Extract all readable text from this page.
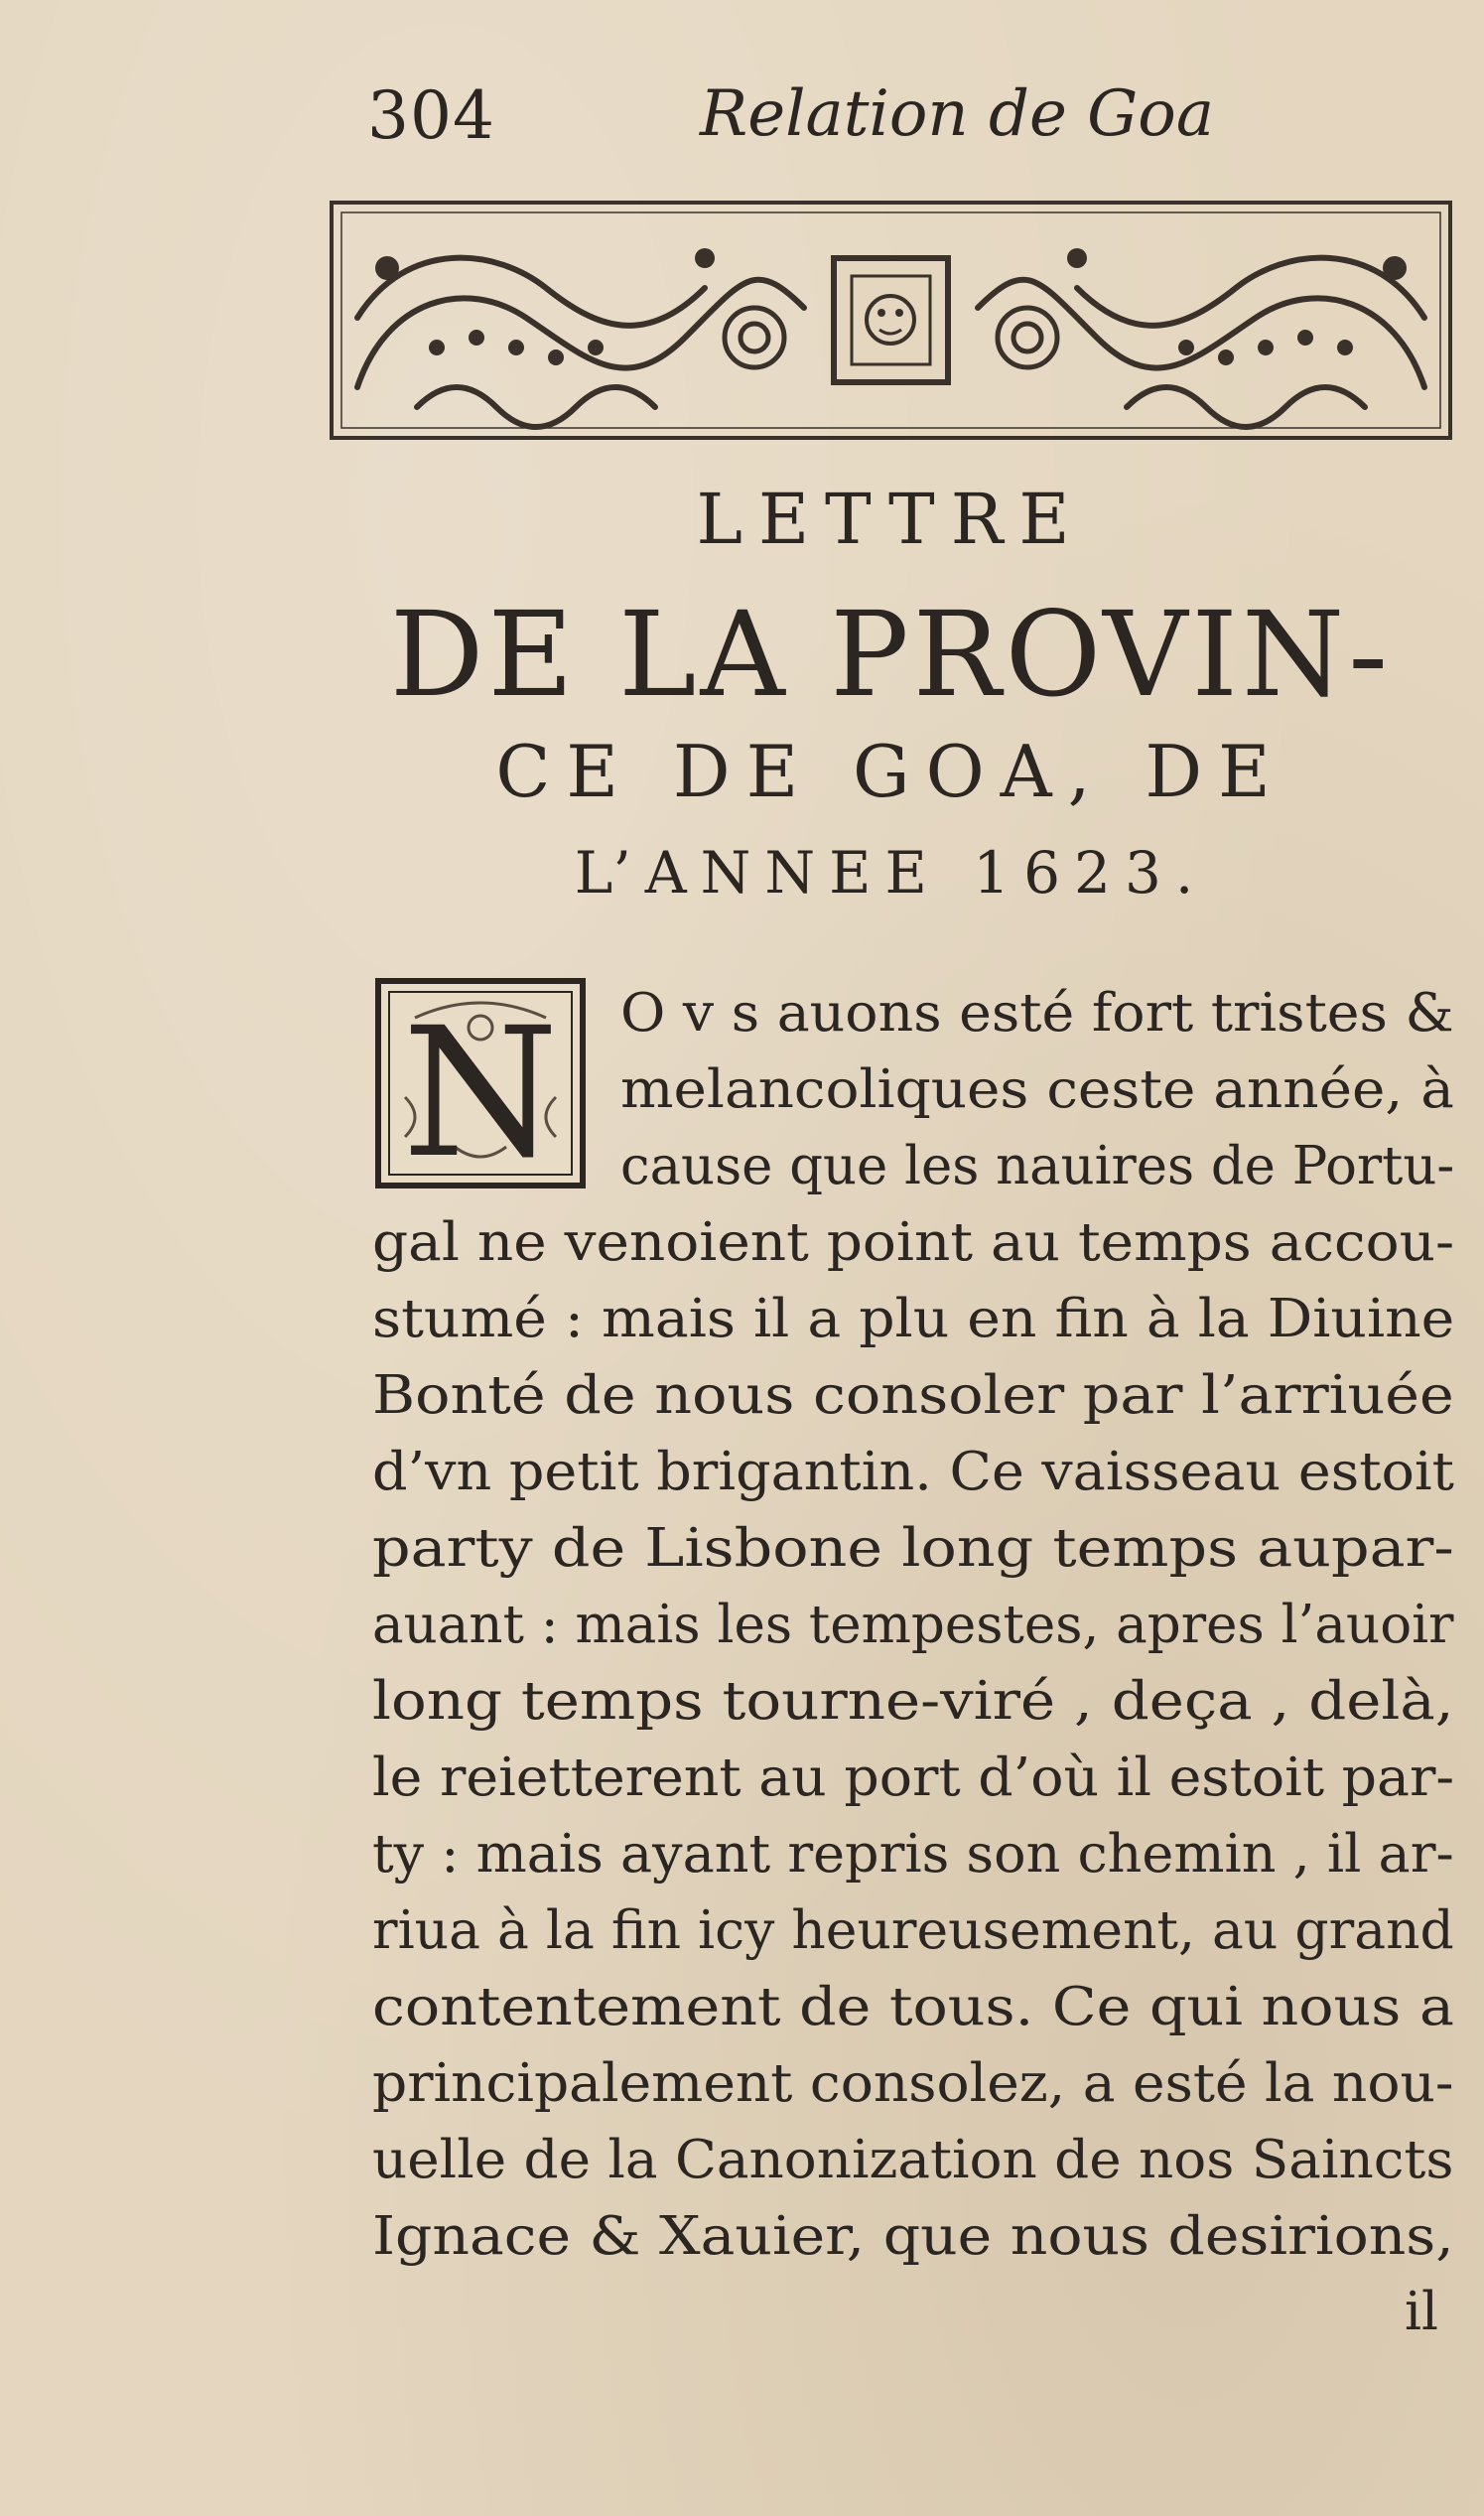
304	Relation de Goa
LETTRE
DE LA PROVIN-
CE DE GOA, DE
L’ANNEE 1623.
N O v s auons esté fort tristes &
melancoliques ceste année, à
cause que les nauires de Portu-
gal ne venoient point au temps accou-
stumé : mais il a plu en fin à la Diuine
Bonté de nous consoler par l’arriuée
d’vn petit brigantin. Ce vaisseau estoit
party de Lisbone long temps aupar-
auant : mais les tempestes, apres l’auoir
long temps tourne-viré , deça , delà,
le reietterent au port d’où il estoit par-
ty : mais ayant repris son chemin , il ar-
riua à la fin icy heureusement, au grand
contentement de tous. Ce qui nous a
principalement consolez, a esté la nou-
uelle de la Canonization de nos Saincts
Ignace & Xauier, que nous desirions,
il
